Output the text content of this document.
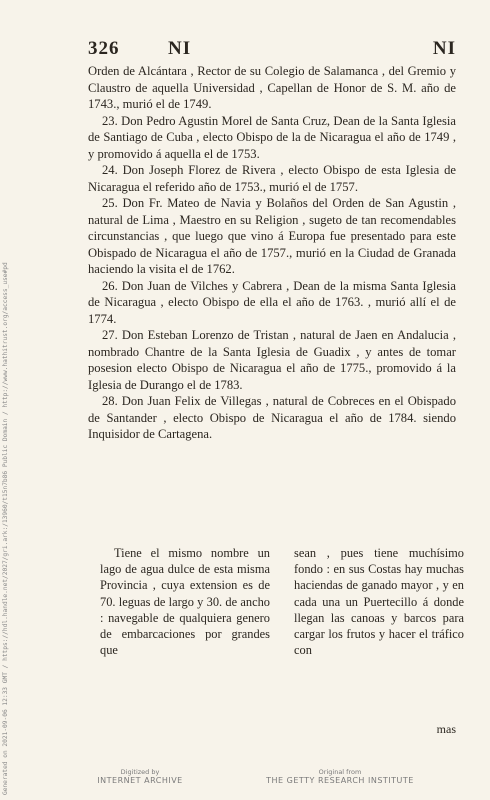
326	NI	NI

Orden de Alcántara , Rector de su Colegio de Salamanca , del Gremio y Claustro de aquella Universidad , Capellan de Honor de S. M. año de 1743., murió el de 1749.

23. Don Pedro Agustin Morel de Santa Cruz, Dean de la Santa Iglesia de Santiago de Cuba , electo Obispo de la de Nicaragua el año de 1749 , y promovido á aquella el de 1753.

24. Don Joseph Florez de Rivera , electo Obispo de esta Iglesia de Nicaragua el referido año de 1753., murió el de 1757.

25. Don Fr. Mateo de Navia y Bolaños del Orden de San Agustin , natural de Lima , Maestro en su Religion , sugeto de tan recomendables circunstancias , que luego que vino á Europa fue presentado para este Obispado de Nicaragua el año de 1757., murió en la Ciudad de Granada haciendo la visita el de 1762.

26. Don Juan de Vilches y Cabrera , Dean de la misma Santa Iglesia de Nicaragua , electo Obispo de ella el año de 1763. , murió allí el de 1774.

27. Don Esteban Lorenzo de Tristan , natural de Jaen en Andalucia , nombrado Chantre de la Santa Iglesia de Guadix , y antes de tomar posesion electo Obispo de Nicaragua el año de 1775., promovido á la Iglesia de Durango el de 1783.

28. Don Juan Felix de Villegas , natural de Cobreces en el Obispado de Santander , electo Obispo de Nicaragua el año de 1784. siendo Inquisidor de Cartagena.

Tiene el mismo nombre un lago de agua dulce de esta misma Provincia , cuya extension es de 70. leguas de largo y 30. de ancho : navegable de qualquiera genero de embarcaciones por grandes que

sean , pues tiene muchísimo fondo : en sus Costas hay muchas haciendas de ganado mayor , y en cada una un Puertecillo á donde llegan las canoas y barcos para cargar los frutos y hacer el tráfico con

mas
Generated on 2021-09-06 12:33 GMT / https://hdl.handle.net/2027/gri.ark:/13960/t15n7b86 Public Domain / http://www.hathitrust.org/access_use#pd	Digitized by
INTERNET ARCHIVE
Original from
THE GETTY RESEARCH INSTITUTE
